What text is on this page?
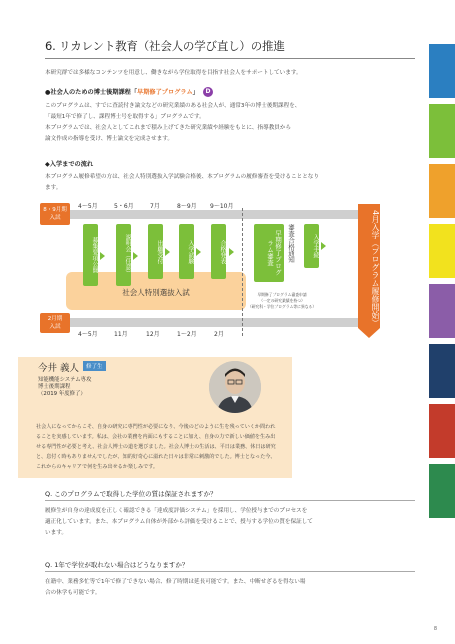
6. リカレント教育（社会人の学び直し）の推進
本研究群では多様なコンテンツを用意し、働きながら学位取得を目指す社会人をサポートしています。
●社会人のための博士後期課程「早期修了プログラム」 D
このプログラムは、すでに査読付き論文などの研究業績のある社会人が、通常3年の博士後期課程を、
「最短1年で修了し、課程博士号を取得する」プログラムです。
本プログラムでは、社会人としてこれまで積み上げてきた研究業績や経験をもとに、指導教員から
論文作成の指導を受け、博士論文を完成させます。
◆入学までの流れ
本プログラム履修希望の方は、社会人特別選抜入学試験合格後、本プログラムの履修審査を受けることとなり
ます。
8・9月期
入試
2月期
入試
4～5月	5・6月	7月	8～9月 9～10月
4～5月	11月	12月	1～2月	2月
社会人特別選抜入試
募集要項公開	説明会（任意）	出願受付	入学試験	合格発表	早期修了プログラム審査	審査合格通知	入学手続
早期修了プログラム審査申請
（一定の研究業績を持つ）
（研究科・学位プログラム等に異なる）	4月入学（プログラム履修開始）
今井 義人	修了生
知能機能システム専攻
博士後期課程
（2019 年度修了）
社会人になってからこそ、自身の研究に専門性が必要になり、今後のどのように生を残っていくか問われることを実感しています。私は、会社の業務を内面にもすることに加え、自身の力で新しい価値を生み出せる専門性が必要と考え、社会人博士の道を選びました。社会人博士の生活は、平日は業務、休日は研究と、息付く時もありませんでしたが、知的好奇心に溢れた日々は非常に刺激的でした。博士となった今、これからのキャリアで何を生み出せるか楽しみです。
Q. このプログラムで取得した学位の質は保証されますか？
履修生が自身の達成度を正しく確認できる「達成度評価システム」を採用し、学位授与までのプロセスを
適正化しています。また、本プログラム自体が外部から評価を受けることで、授与する学位の質を保証して
います。
Q. 1年で学位が取れない場合はどうなりますか？
在籍中、業務多忙等で1年で修了できない場合、修了時期は延長可能です。また、中断せざるを得ない場
合の休学も可能です。
8
